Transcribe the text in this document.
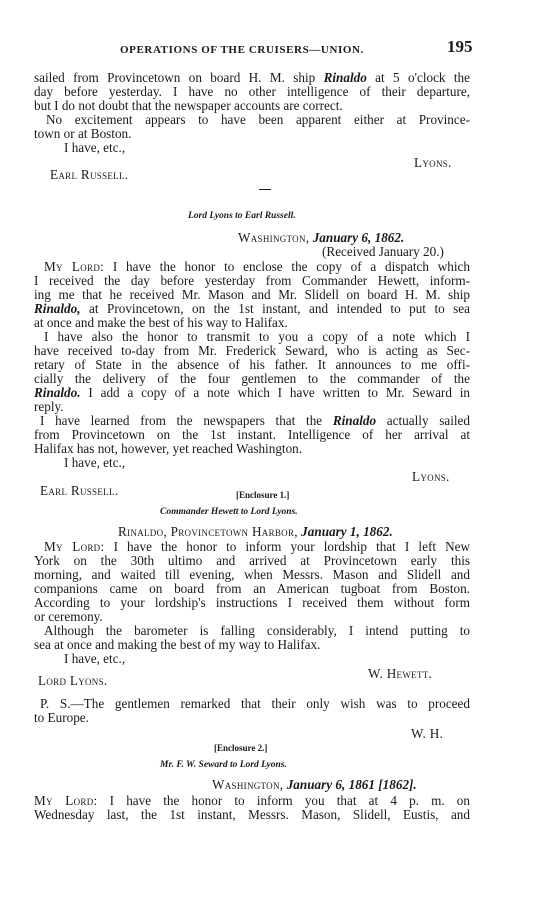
OPERATIONS OF THE CRUISERS—UNION.	195
sailed from Provincetown on board H. M. ship Rinaldo at 5 o'clock the
day before yesterday. I have no other intelligence of their departure,
but I do not doubt that the newspaper accounts are correct.
No excitement appears to have been apparent either at Province-
town or at Boston.
I have, etc.,
Lyons.
Earl Russell.
Lord Lyons to Earl Russell.
Washington, January 6, 1862.
(Received January 20.)
My Lord: I have the honor to enclose the copy of a dispatch which
I received the day before yesterday from Commander Hewett, inform-
ing me that he received Mr. Mason and Mr. Slidell on board H. M. ship
Rinaldo, at Provincetown, on the 1st instant, and intended to put to sea
at once and make the best of his way to Halifax.
I have also the honor to transmit to you a copy of a note which I
have received to-day from Mr. Frederick Seward, who is acting as Sec-
retary of State in the absence of his father. It announces to me offi-
cially the delivery of the four gentlemen to the commander of the
Rinaldo. I add a copy of a note which I have written to Mr. Seward in
reply.
I have learned from the newspapers that the Rinaldo actually sailed
from Provincetown on the 1st instant. Intelligence of her arrival at
Halifax has not, however, yet reached Washington.
I have, etc.,
Lyons.
Earl Russell.	[Enclosure 1.]
Commander Hewett to Lord Lyons.
Rinaldo, Provincetown Harbor, January 1, 1862.
My Lord: I have the honor to inform your lordship that I left New
York on the 30th ultimo and arrived at Provincetown early this
morning, and waited till evening, when Messrs. Mason and Slidell and
companions came on board from an American tugboat from Boston.
According to your lordship's instructions I received them without form
or ceremony.
Although the barometer is falling considerably, I intend putting to
sea at once and making the best of my way to Halifax.
I have, etc.,
W. Hewett.
Lord Lyons.
P. S.—The gentlemen remarked that their only wish was to proceed
to Europe.
W. H.
[Enclosure 2.]
Mr. F. W. Seward to Lord Lyons.
Washington, January 6, 1861 [1862].
My Lord: I have the honor to inform you that at 4 p. m. on
Wednesday last, the 1st instant, Messrs. Mason, Slidell, Eustis, and
